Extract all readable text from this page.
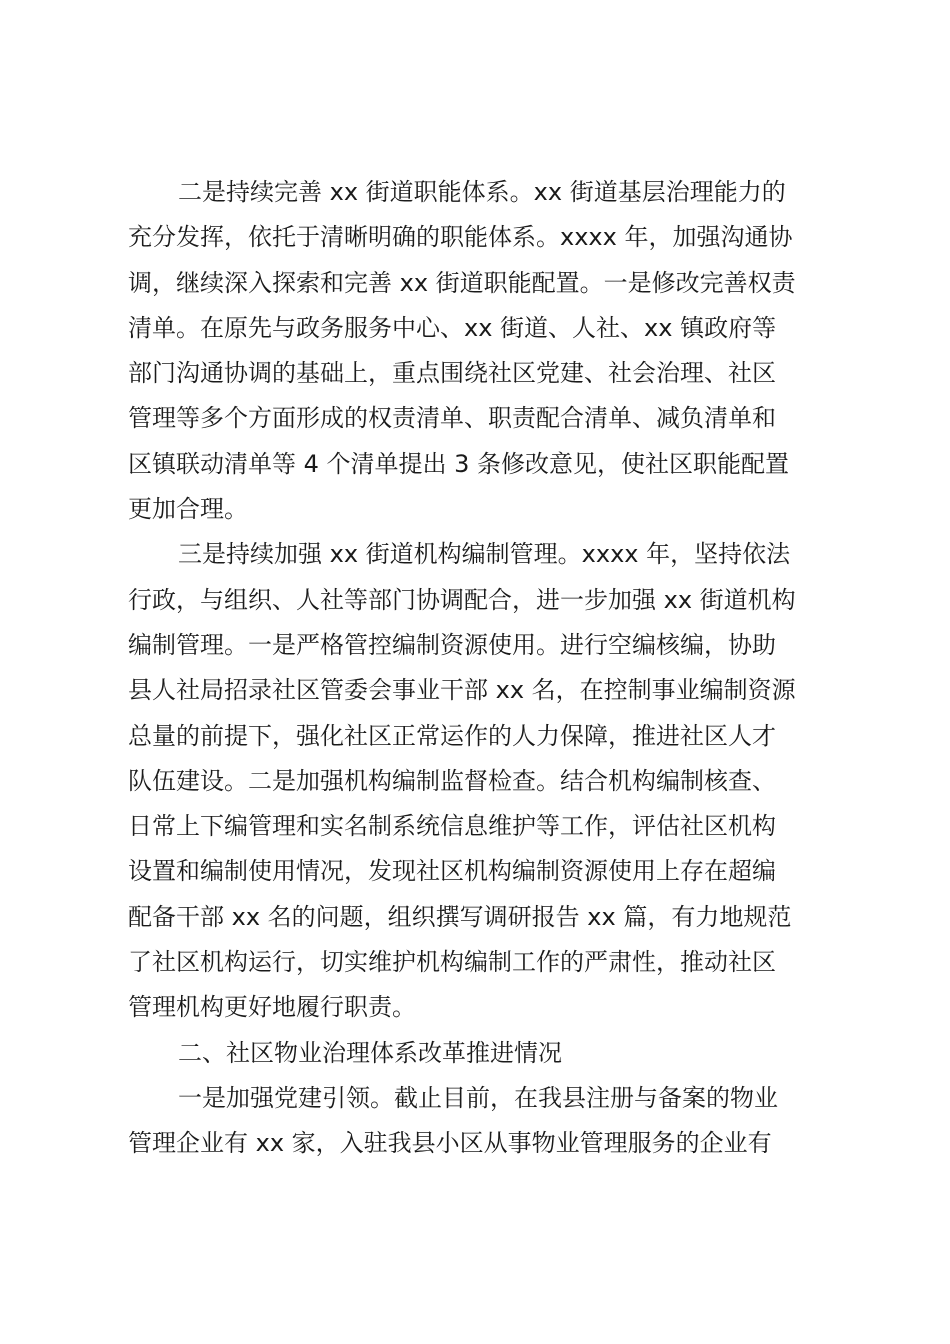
二是持续完善 xx 街道职能体系。xx 街道基层治理能力的
充分发挥，依托于清晰明确的职能体系。xxxx 年，加强沟通协
调，继续深入探索和完善 xx 街道职能配置。一是修改完善权责
清单。在原先与政务服务中心、xx 街道、人社、xx 镇政府等
部门沟通协调的基础上，重点围绕社区党建、社会治理、社区
管理等多个方面形成的权责清单、职责配合清单、减负清单和
区镇联动清单等 4 个清单提出 3 条修改意见，使社区职能配置
更加合理。
三是持续加强 xx 街道机构编制管理。xxxx 年，坚持依法
行政，与组织、人社等部门协调配合，进一步加强 xx 街道机构
编制管理。一是严格管控编制资源使用。进行空编核编，协助
县人社局招录社区管委会事业干部 xx 名，在控制事业编制资源
总量的前提下，强化社区正常运作的人力保障，推进社区人才
队伍建设。二是加强机构编制监督检查。结合机构编制核查、
日常上下编管理和实名制系统信息维护等工作，评估社区机构
设置和编制使用情况，发现社区机构编制资源使用上存在超编
配备干部 xx 名的问题，组织撰写调研报告 xx 篇，有力地规范
了社区机构运行，切实维护机构编制工作的严肃性，推动社区
管理机构更好地履行职责。
二、社区物业治理体系改革推进情况
一是加强党建引领。截止目前，在我县注册与备案的物业
管理企业有 xx 家，入驻我县小区从事物业管理服务的企业有
